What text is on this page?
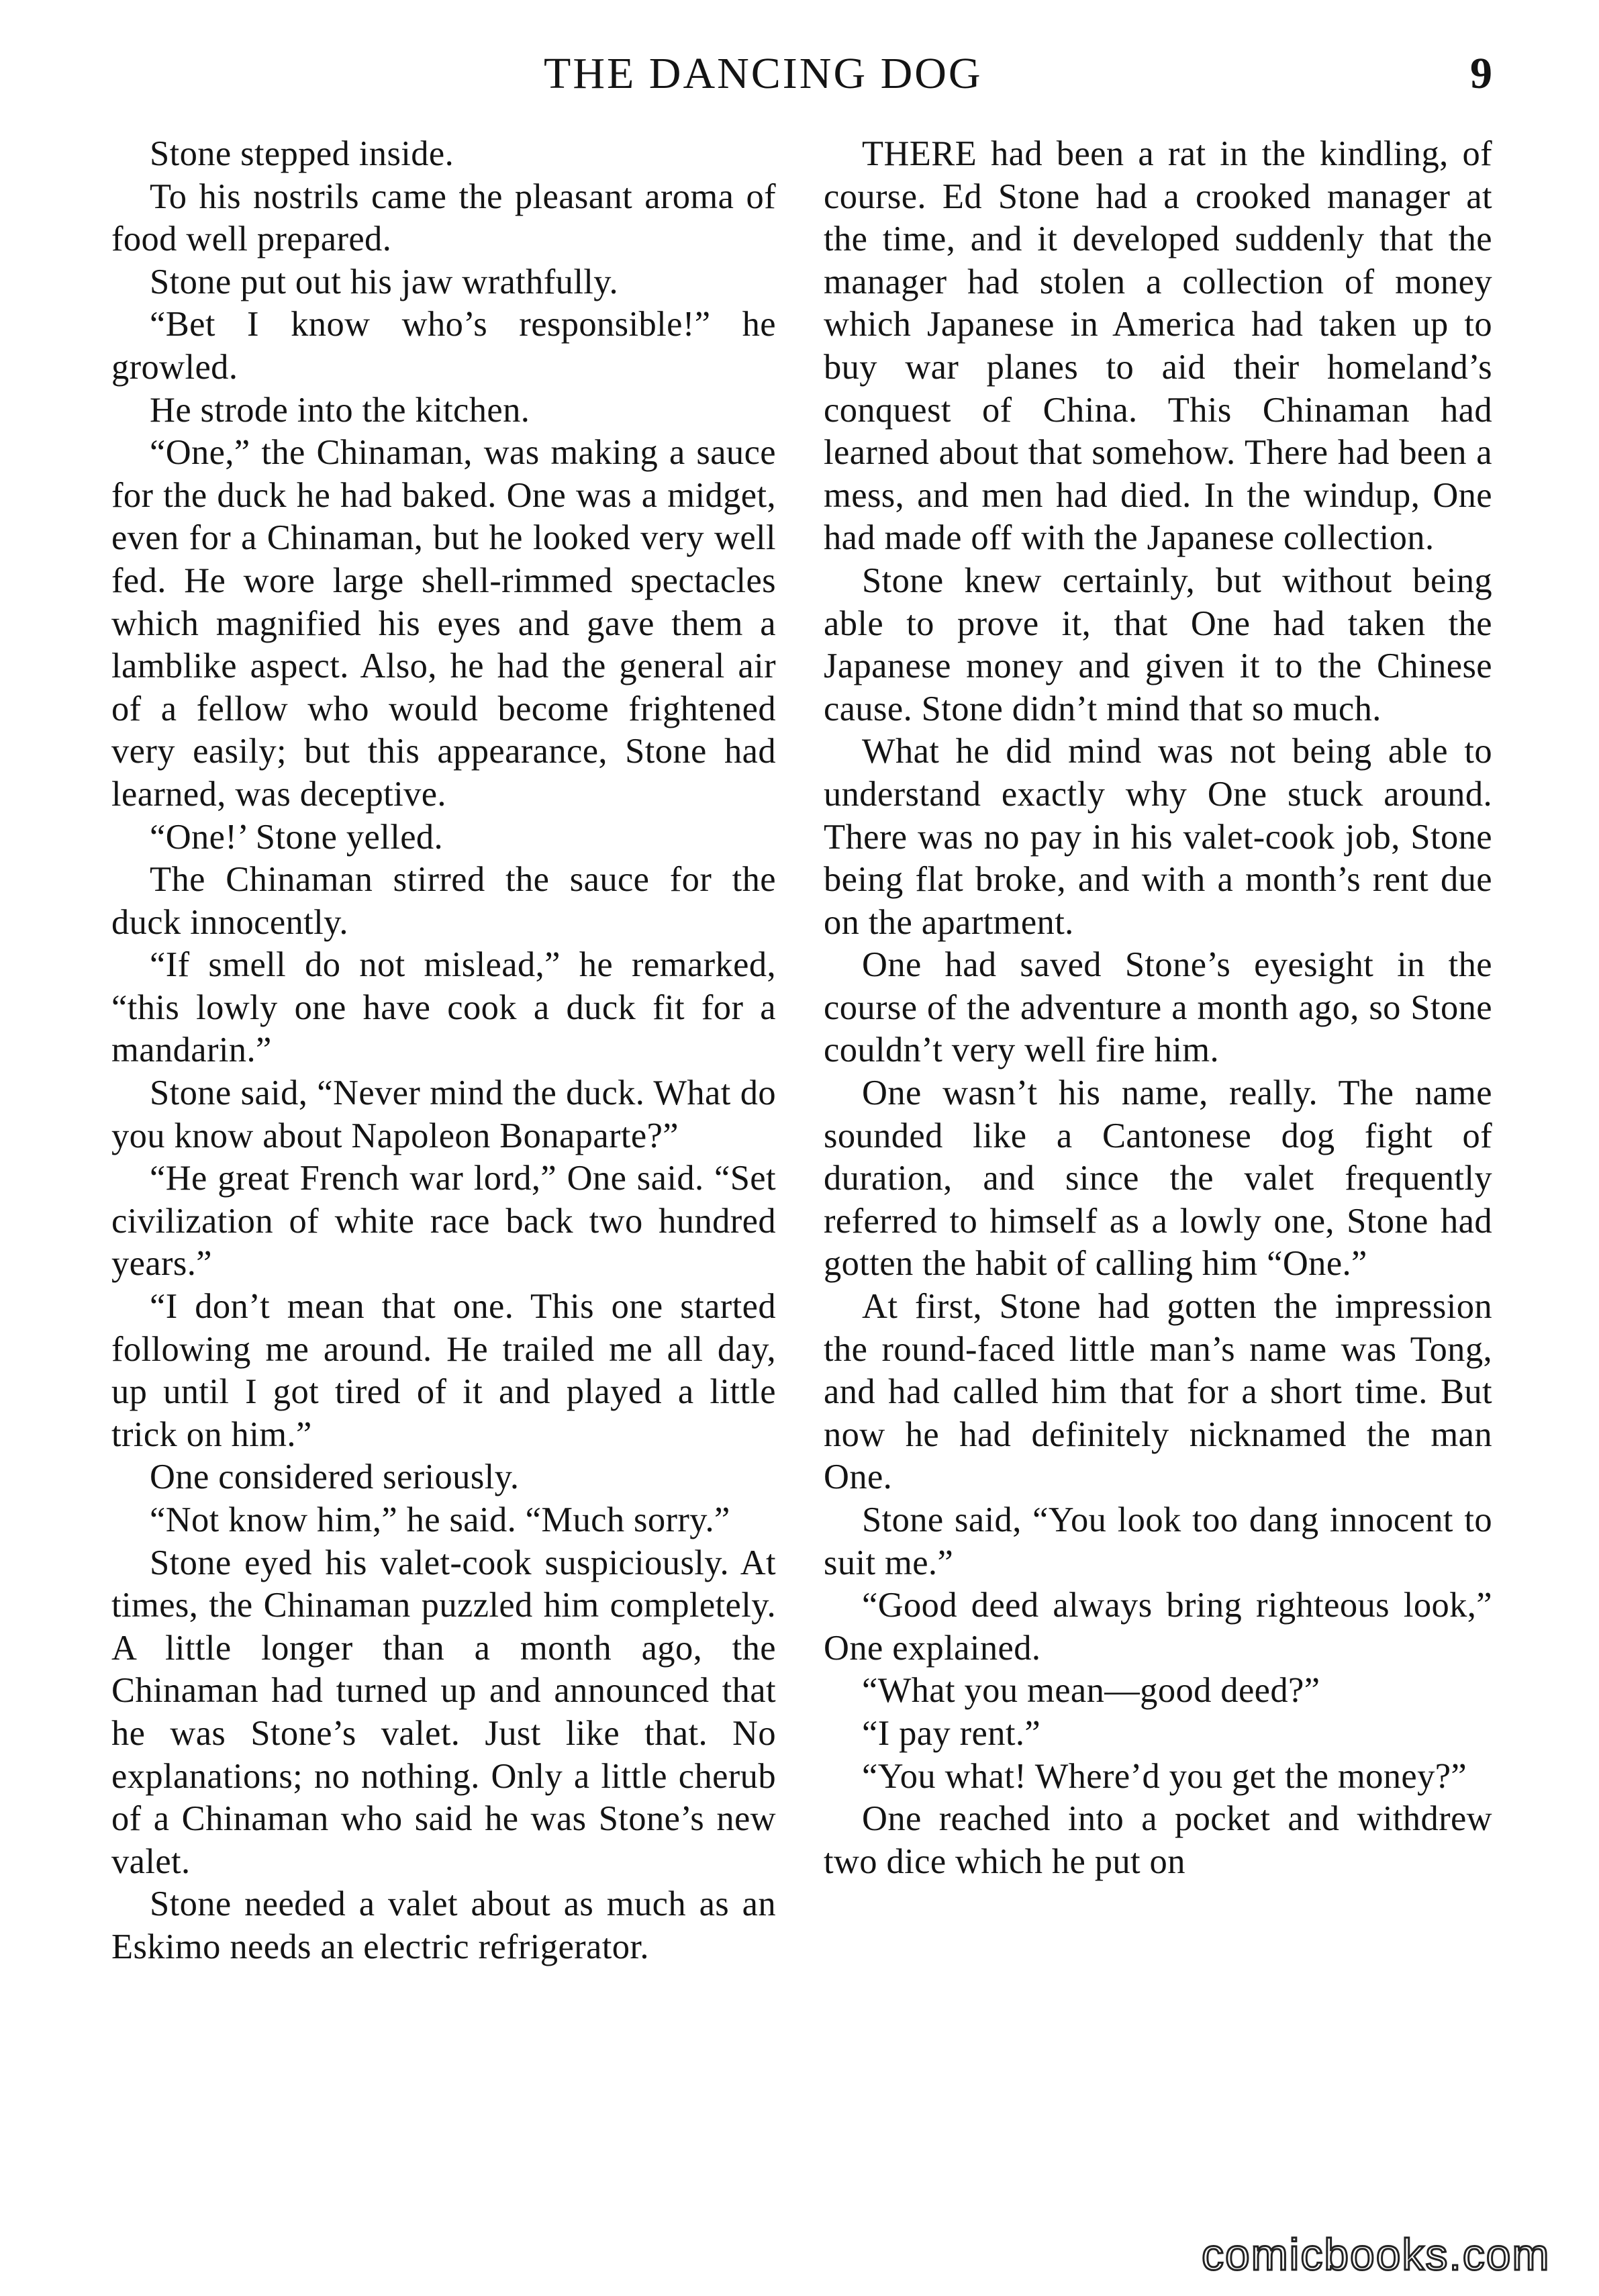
THE DANCING DOG	9

Stone stepped inside.

To his nostrils came the pleasant aroma of food well prepared.

Stone put out his jaw wrathfully.

“Bet I know who’s responsible!” he growled.

He strode into the kitchen.

“One,” the Chinaman, was making a sauce for the duck he had baked. One was a midget, even for a Chinaman, but he looked very well fed. He wore large shell-rimmed spectacles which magnified his eyes and gave them a lamblike aspect. Also, he had the general air of a fellow who would become frightened very easily; but this appearance, Stone had learned, was deceptive.

“One!’ Stone yelled.

The Chinaman stirred the sauce for the duck innocently.

“If smell do not mislead,” he remarked, “this lowly one have cook a duck fit for a mandarin.”

Stone said, “Never mind the duck. What do you know about Napoleon Bonaparte?”

“He great French war lord,” One said. “Set civilization of white race back two hundred years.”

“I don’t mean that one. This one started following me around. He trailed me all day, up until I got tired of it and played a little trick on him.”

One considered seriously.

“Not know him,” he said. “Much sorry.”

Stone eyed his valet-cook suspiciously. At times, the Chinaman puzzled him completely. A little longer than a month ago, the Chinaman had turned up and announced that he was Stone’s valet. Just like that. No explanations; no nothing. Only a little cherub of a Chinaman who said he was Stone’s new valet.

Stone needed a valet about as much as an Eskimo needs an electric refrigerator.

THERE had been a rat in the kindling, of course. Ed Stone had a crooked manager at the time, and it developed suddenly that the manager had stolen a collection of money which Japanese in America had taken up to buy war planes to aid their homeland’s conquest of China. This Chinaman had learned about that somehow. There had been a mess, and men had died. In the windup, One had made off with the Japanese collection.

Stone knew certainly, but without being able to prove it, that One had taken the Japanese money and given it to the Chinese cause. Stone didn’t mind that so much.

What he did mind was not being able to understand exactly why One stuck around. There was no pay in his valet-cook job, Stone being flat broke, and with a month’s rent due on the apartment.

One had saved Stone’s eyesight in the course of the adventure a month ago, so Stone couldn’t very well fire him.

One wasn’t his name, really. The name sounded like a Cantonese dog fight of duration, and since the valet frequently referred to himself as a lowly one, Stone had gotten the habit of calling him “One.”

At first, Stone had gotten the impression the round-faced little man’s name was Tong, and had called him that for a short time. But now he had definitely nicknamed the man One.

Stone said, “You look too dang innocent to suit me.”

“Good deed always bring righteous look,” One explained.

“What you mean—good deed?”

“I pay rent.”

“You what! Where’d you get the money?”

One reached into a pocket and withdrew two dice which he put on

comicbooks.com
